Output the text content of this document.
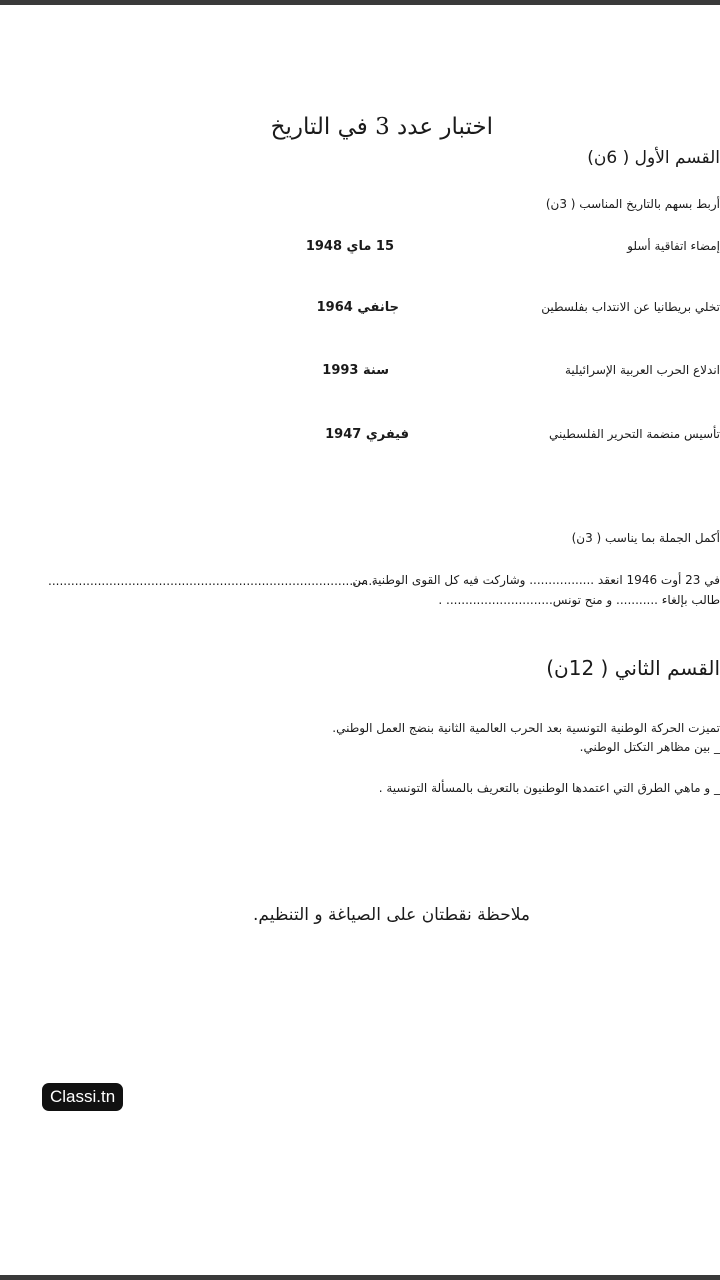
اختبار عدد 3 في التاريخ
القسم الأول ( 6ن)
أربط بسهم بالتاريخ المناسب ( 3ن)
إمضاء اتفاقية أسلو
تخلي بريطانيا عن الانتداب بفلسطين
اندلاع الحرب العربية الإسرائيلية
تأسيس منضمة التحرير الفلسطيني
15 ماي 1948
جانفي 1964
سنة 1993
فيفري 1947
أكمل الجملة بما يناسب ( 3ن)
في 23 أوت 1946 انعقد ................. وشاركت فيه كل القوى الوطنية من
......................................................................................
طالب بإلغاء ........... و منح تونس............................ .
القسم الثاني ( 12ن)
تميزت الحركة الوطنية التونسية بعد الحرب العالمية الثانية بنضج العمل الوطني.
_ بين مظاهر التكتل الوطني.
_ و ماهي الطرق التي اعتمدها الوطنيون بالتعريف بالمسألة التونسية .
ملاحظة نقطتان على الصياغة و التنظيم.
Classi.tn
